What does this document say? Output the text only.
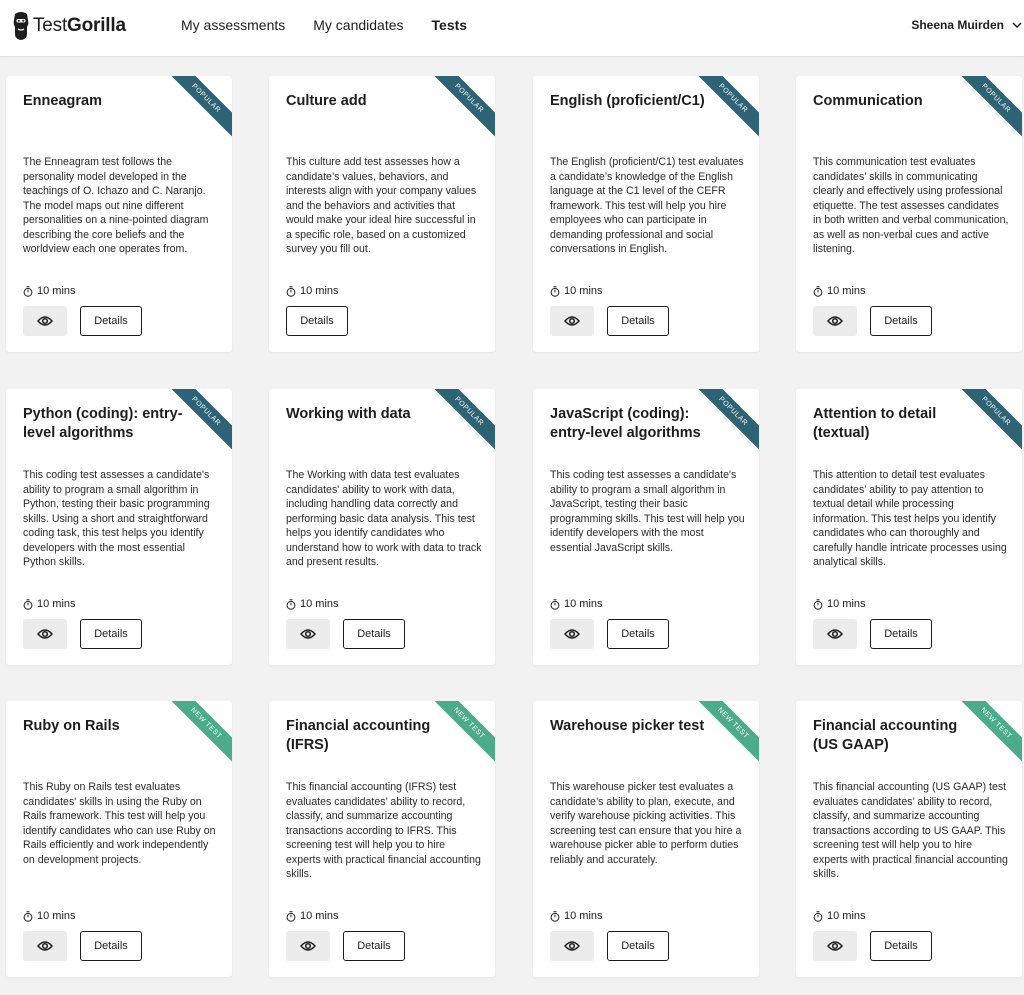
Test Gorilla	My assessments My candidates Tests	Sheena Muirden
Enneagram	POPULAR
The Enneagram test follows the personality model developed in the teachings of O. Ichazo and C. Naranjo. The model maps out nine different personalities on a nine-pointed diagram describing the core beliefs and the worldview each one operates from.
10 mins
Details
Culture add	POPULAR
This culture add test assesses how a candidate’s values, behaviors, and interests align with your company values and the behaviors and activities that would make your ideal hire successful in a specific role, based on a customized survey you fill out.
10 mins
Details
English (proficient/C1)	POPULAR
The English (proficient/C1) test evaluates a candidate’s knowledge of the English language at the C1 level of the CEFR framework. This test will help you hire employees who can participate in demanding professional and social conversations in English.
10 mins
Details
Communication	POPULAR
This communication test evaluates candidates’ skills in communicating clearly and effectively using professional etiquette. The test assesses candidates in both written and verbal communication, as well as non-verbal cues and active listening.
10 mins
Details
Python (coding): entry-level algorithms
POPULAR
This coding test assesses a candidate's ability to program a small algorithm in Python, testing their basic programming skills. Using a short and straightforward coding task, this test helps you identify developers with the most essential Python skills.
10 mins
Details
Working with data	POPULAR
The Working with data test evaluates candidates' ability to work with data, including handling data correctly and performing basic data analysis. This test helps you identify candidates who understand how to work with data to track and present results.
10 mins
Details
JavaScript (coding): entry-level algorithms
POPULAR
This coding test assesses a candidate's ability to program a small algorithm in JavaScript, testing their basic programming skills. This test will help you identify developers with the most essential JavaScript skills.
10 mins
Details
Attention to detail (textual)
POPULAR
This attention to detail test evaluates candidates’ ability to pay attention to textual detail while processing information. This test helps you identify candidates who can thoroughly and carefully handle intricate processes using analytical skills.
10 mins
Details
Ruby on Rails	NEW TEST
This Ruby on Rails test evaluates candidates' skills in using the Ruby on Rails framework. This test will help you identify candidates who can use Ruby on Rails efficiently and work independently on development projects.
10 mins
Details
Financial accounting (IFRS)
NEW TEST
This financial accounting (IFRS) test evaluates candidates’ ability to record, classify, and summarize accounting transactions according to IFRS. This screening test will help you to hire experts with practical financial accounting skills.
10 mins
Details
Warehouse picker test	NEW TEST
This warehouse picker test evaluates a candidate’s ability to plan, execute, and verify warehouse picking activities. This screening test can ensure that you hire a warehouse picker able to perform duties reliably and accurately.
10 mins
Details
Financial accounting (US GAAP)
NEW TEST
This financial accounting (US GAAP) test evaluates candidates’ ability to record, classify, and summarize accounting transactions according to US GAAP. This screening test will help you to hire experts with practical financial accounting skills.
10 mins
Details
